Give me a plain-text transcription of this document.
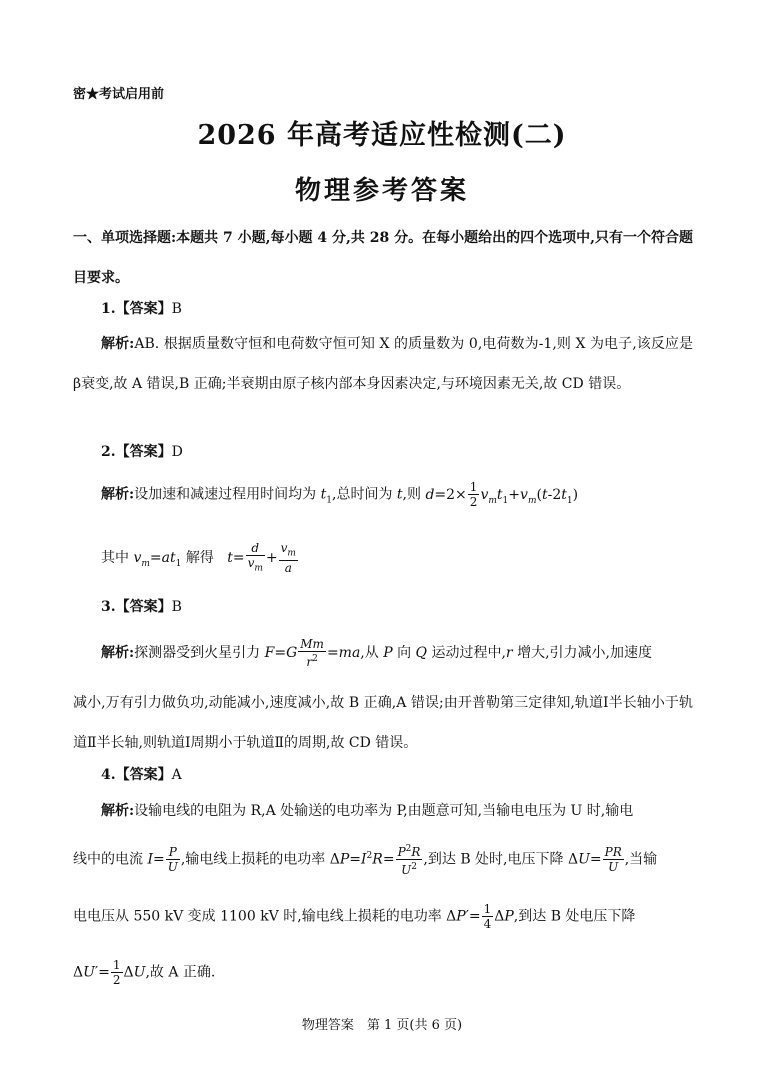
密★考试启用前
2026 年高考适应性检测(二)
物理参考答案
一、单项选择题:本题共 7 小题,每小题 4 分,共 28 分。在每小题给出的四个选项中,只有一个符合题目要求。
1.【答案】B
解析:AB. 根据质量数守恒和电荷数守恒可知 X 的质量数为 0,电荷数为-1,则 X 为电子,该反应是β衰变,故 A 错误,B 正确;半衰期由原子核内部本身因素决定,与环境因素无关,故 CD 错误。
2.【答案】D
解析:设加速和减速过程用时间均为 $t_1$,总时间为 t,则 $d=2\times \frac{1}{2} v_mt_1+v_m(t-2t_1)$
其中 $v_m=at_1$ 解得 $t= \frac{d}{v_m} + \frac{v_m}{a}$
3.【答案】B
解析:探测器受到火星引力 $F=G \frac{Mm}{r^2} =ma$,从 P 向 Q 运动过程中,r 增大,引力减小,加速度
减小,万有引力做负功,动能减小,速度减小,故 B 正确,A 错误;由开普勒第三定律知,轨道Ⅰ半长轴小于轨道Ⅱ半长轴,则轨道Ⅰ周期小于轨道Ⅱ的周期,故 CD 错误。
4.【答案】A
解析:设输电线的电阻为 R,A 处输送的电功率为 P,由题意可知,当输电电压为 U 时,输电
线中的电流 $I= \frac{P}{U}$ ,输电线上损耗的电功率 $\Delta P=I^2R= \frac{P^2R}{U^2}$ ,到达 B 处时,电压下降 $\Delta U= \frac{PR}{U}$ ,当输
电电压从 550 kV 变成 1100 kV 时,输电线上损耗的电功率 $\Delta P'= \frac{1}{4} \Delta P$,到达 B 处电压下降
$\Delta U'= \frac{1}{2} \Delta U$,故 A 正确.
物理答案　第 1 页(共 6 页)
